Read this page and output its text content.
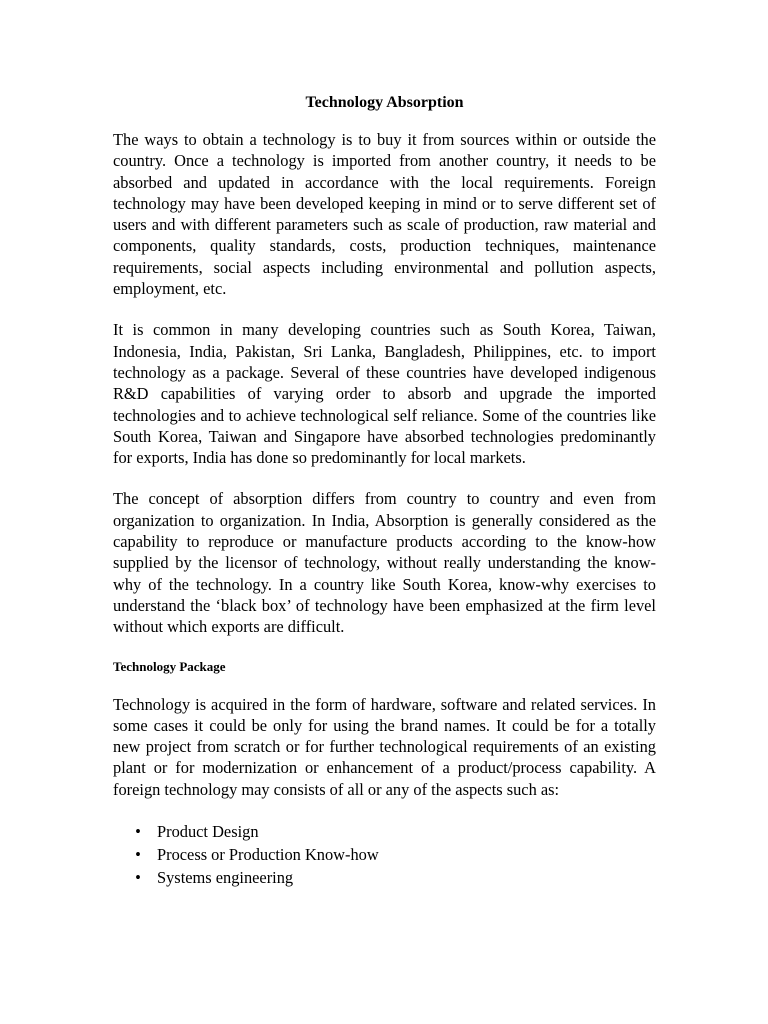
Technology Absorption

The ways to obtain a technology is to buy it from sources within or outside the country. Once a technology is imported from another country, it needs to be absorbed and updated in accordance with the local requirements. Foreign technology may have been developed keeping in mind or to serve different set of users and with different parameters such as scale of production, raw material and components, quality standards, costs, production techniques, maintenance requirements, social aspects including environmental and pollution aspects, employment, etc.

It is common in many developing countries such as South Korea, Taiwan, Indonesia, India, Pakistan, Sri Lanka, Bangladesh, Philippines, etc. to import technology as a package. Several of these countries have developed indigenous R&D capabilities of varying order to absorb and upgrade the imported technologies and to achieve technological self reliance. Some of the countries like South Korea, Taiwan and Singapore have absorbed technologies predominantly for exports, India has done so predominantly for local markets.

The concept of absorption differs from country to country and even from organization to organization. In India, Absorption is generally considered as the capability to reproduce or manufacture products according to the know-how supplied by the licensor of technology, without really understanding the know-why of the technology. In a country like South Korea, know-why exercises to understand the ‘black box’ of technology have been emphasized at the firm level without which exports are difficult.

Technology Package

Technology is acquired in the form of hardware, software and related services. In some cases it could be only for using the brand names. It could be for a totally new project from scratch or for further technological requirements of an existing plant or for modernization or enhancement of a product/process capability. A foreign technology may consists of all or any of the aspects such as:

• Product Design
• Process or Production Know-how
• Systems engineering
